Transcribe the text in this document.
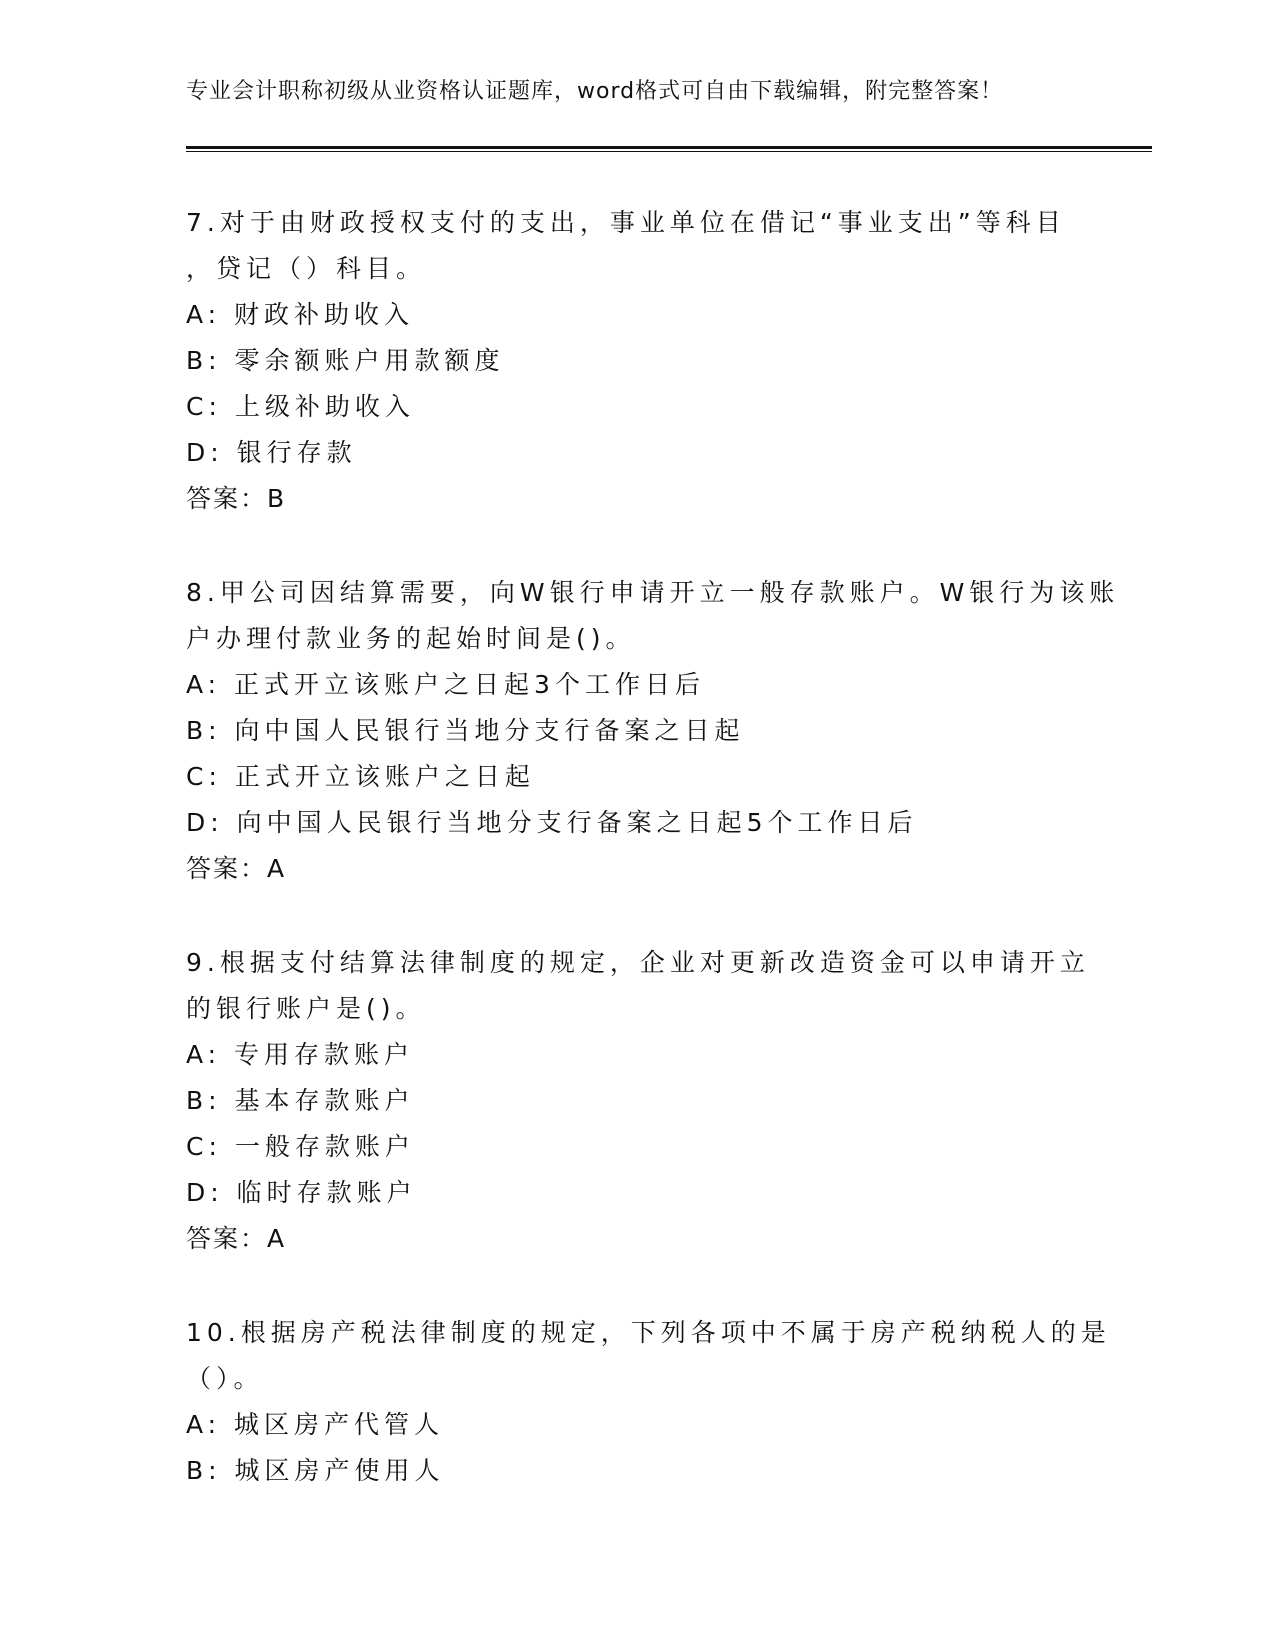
专业会计职称初级从业资格认证题库，word格式可自由下载编辑，附完整答案！
7.对于由财政授权支付的支出，事业单位在借记“事业支出”等科目
，贷记（）科目。
A: 财政补助收入
B: 零余额账户用款额度
C: 上级补助收入
D: 银行存款
答案：B
8.甲公司因结算需要，向W银行申请开立一般存款账户。W银行为该账
户办理付款业务的起始时间是()。
A: 正式开立该账户之日起3个工作日后
B: 向中国人民银行当地分支行备案之日起
C: 正式开立该账户之日起
D: 向中国人民银行当地分支行备案之日起5个工作日后
答案：A
9.根据支付结算法律制度的规定，企业对更新改造资金可以申请开立
的银行账户是()。
A: 专用存款账户
B: 基本存款账户
C: 一般存款账户
D: 临时存款账户
答案：A
10.根据房产税法律制度的规定，下列各项中不属于房产税纳税人的是
（）。
A: 城区房产代管人
B: 城区房产使用人
